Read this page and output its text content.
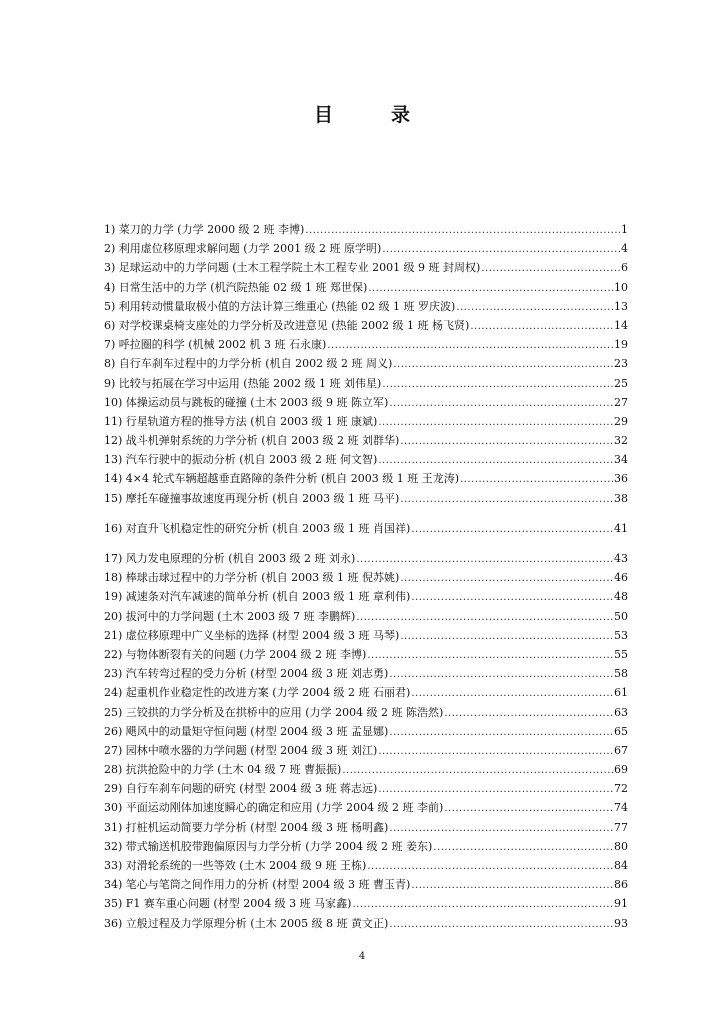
目	录
1) 菜刀的力学 (力学 2000 级 2 班 李博) .....	1
2) 利用虚位移原理求解问题 (力学 2001 级 2 班 原学明) .....	4
3) 足球运动中的力学问题 (土木工程学院土木工程专业 2001 级 9 班 封周权) .....	6
4) 日常生活中的力学 (机汽院热能 02 级 1 班 郑世保) .....	10
5) 利用转动惯量取极小值的方法计算三维重心 (热能 02 级 1 班 罗庆波) .....	13
6) 对学校课桌椅支座处的力学分析及改进意见 (热能 2002 级 1 班 杨飞贤) .....	14
7) 呼拉圈的科学 (机械 2002 机 3 班 石永康) .....	19
8) 自行车刹车过程中的力学分析 (机自 2002 级 2 班 周义) .....	23
9) 比较与拓展在学习中运用 (热能 2002 级 1 班 刘伟星) .....	25
10) 体操运动员与跳板的碰撞 (土木 2003 级 9 班 陈立军) .....	27
11) 行星轨道方程的推导方法 (机自 2003 级 1 班 康斌) .....	29
12) 战斗机弹射系统的力学分析 (机自 2003 级 2 班 刘群华) .....	32
13) 汽车行驶中的振动分析 (机自 2003 级 2 班 何文智) .....	34
14) 4×4 轮式车辆超越垂直路障的条件分析 (机自 2003 级 1 班 王龙涛) .....	36
15) 摩托车碰撞事故速度再现分析 (机自 2003 级 1 班 马平) .....	38
16) 对直升飞机稳定性的研究分析 (机自 2003 级 1 班 肖国祥) .....	41
17) 风力发电原理的分析 (机自 2003 级 2 班 刘永) .....	43
18) 棒球击球过程中的力学分析 (机自 2003 级 1 班 倪苏姚) .....	46
19) 减速条对汽车减速的简单分析 (机自 2003 级 1 班 章利伟) .....	48
20) 拔河中的力学问题 (土木 2003 级 7 班 李鹏辉) .....	50
21) 虚位移原理中广义坐标的选择 (材型 2004 级 3 班 马琴) .....	53
22) 与物体断裂有关的问题 (力学 2004 级 2 班 李博) .....	55
23) 汽车转弯过程的受力分析 (材型 2004 级 3 班 刘志勇) .....	58
24) 起重机作业稳定性的改进方案 (力学 2004 级 2 班 石丽君) .....	61
25) 三铰拱的力学分析及在拱桥中的应用 (力学 2004 级 2 班 陈浩然) .....	63
26) 飓风中的动量矩守恒问题 (材型 2004 级 3 班 孟显娜) .....	65
27) 园林中喷水器的力学问题 (材型 2004 级 3 班 刘江) .....	67
28) 抗洪抢险中的力学 (土木 04 级 7 班 曹振振) .....	69
29) 自行车刹车问题的研究 (材型 2004 级 3 班 蒋志远) .....	72
30) 平面运动刚体加速度瞬心的确定和应用 (力学 2004 级 2 班 李前) .....	74
31) 打桩机运动简要力学分析 (材型 2004 级 3 班 杨明鑫) .....	77
32) 带式输送机胶带跑偏原因与力学分析 (力学 2004 级 2 班 姜东) .....	80
33) 对滑轮系统的一些等效 (土木 2004 级 9 班 王栋) .....	84
34) 笔心与笔筒之间作用力的分析 (材型 2004 级 3 班 曹玉青) .....	86
35) F1 赛车重心问题 (材型 2004 级 3 班 马家鑫) .....	91
36) 立般过程及力学原理分析 (土木 2005 级 8 班 黄文正) .....	93
4
